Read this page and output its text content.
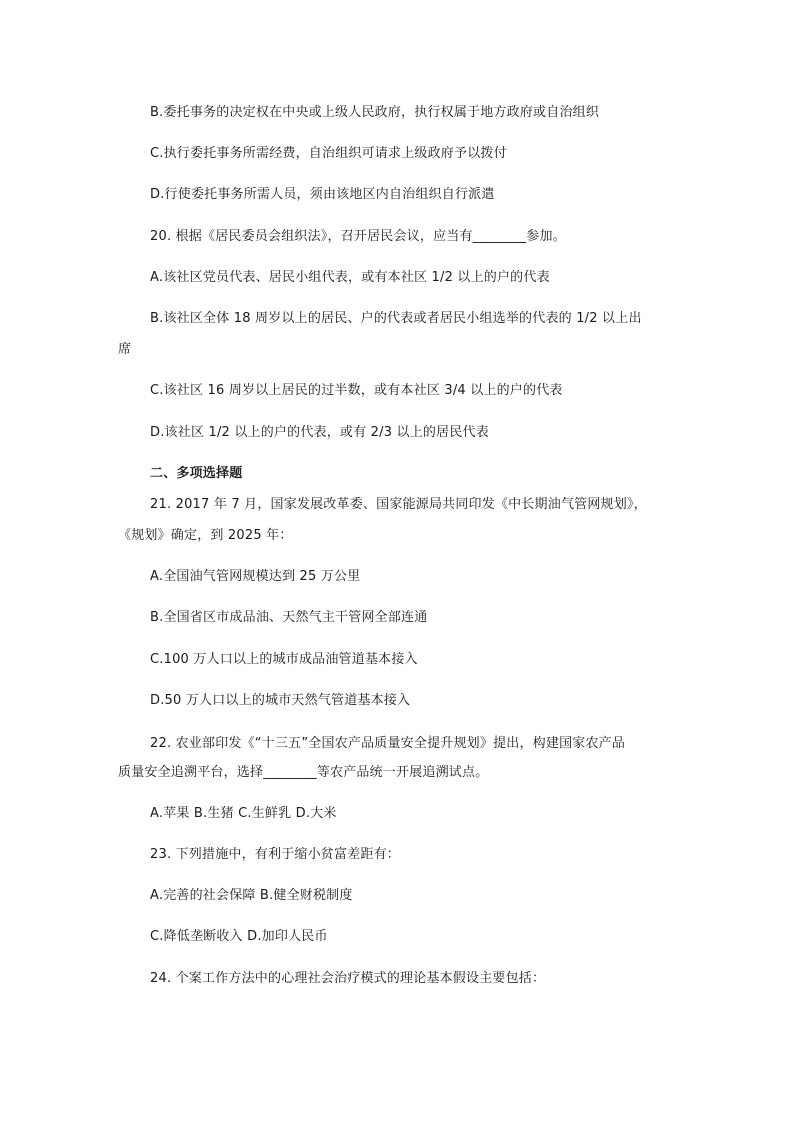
B.委托事务的决定权在中央或上级人民政府，执行权属于地方政府或自治组织
C.执行委托事务所需经费，自治组织可请求上级政府予以拨付
D.行使委托事务所需人员，须由该地区内自治组织自行派遣
20. 根据《居民委员会组织法》，召开居民会议，应当有________参加。
A.该社区党员代表、居民小组代表，或有本社区 1/2 以上的户的代表
B.该社区全体 18 周岁以上的居民、户的代表或者居民小组选举的代表的 1/2 以上出
席
C.该社区 16 周岁以上居民的过半数，或有本社区 3/4 以上的户的代表
D.该社区 1/2 以上的户的代表，或有 2/3 以上的居民代表
二、多项选择题
21. 2017 年 7 月，国家发展改革委、国家能源局共同印发《中长期油气管网规划》，
《规划》确定，到 2025 年：
A.全国油气管网规模达到 25 万公里
B.全国省区市成品油、天然气主干管网全部连通
C.100 万人口以上的城市成品油管道基本接入
D.50 万人口以上的城市天然气管道基本接入
22. 农业部印发《“十三五”全国农产品质量安全提升规划》提出，构建国家农产品
质量安全追溯平台，选择________等农产品统一开展追溯试点。
A.苹果 B.生猪 C.生鲜乳 D.大米
23. 下列措施中，有利于缩小贫富差距有：
A.完善的社会保障 B.健全财税制度
C.降低垄断收入 D.加印人民币
24. 个案工作方法中的心理社会治疗模式的理论基本假设主要包括：
